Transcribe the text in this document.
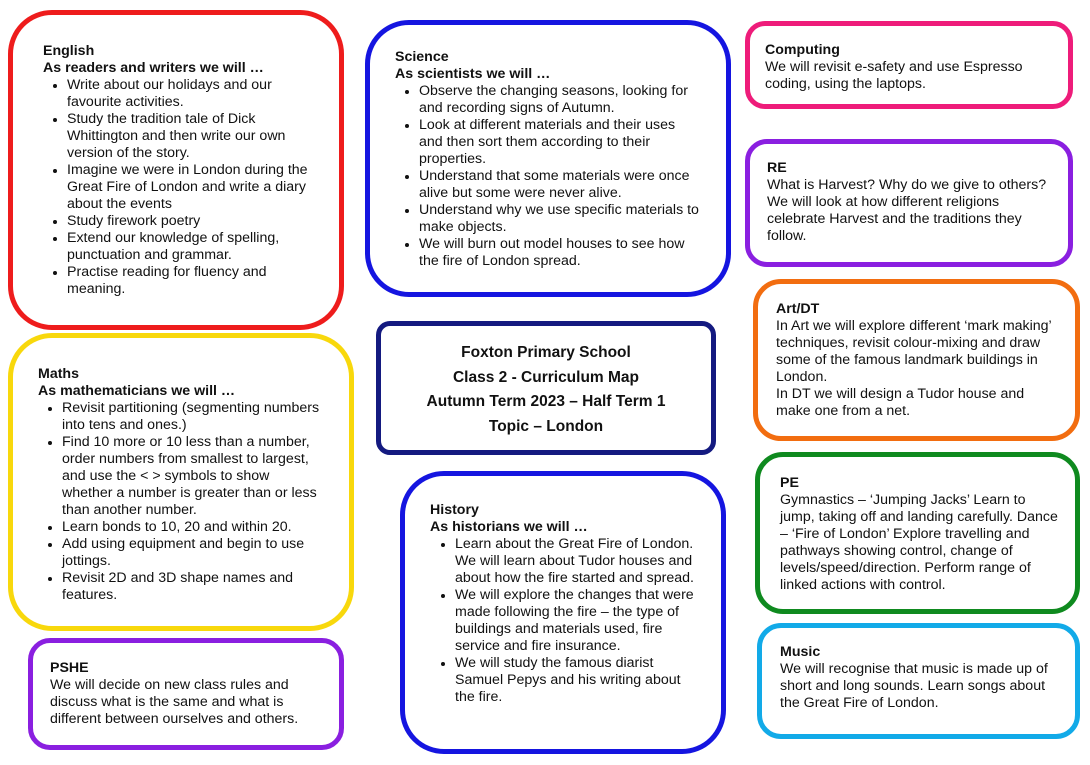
English
As readers and writers we will …
• Write about our holidays and our favourite activities.
• Study the tradition tale of Dick Whittington and then write our own version of the story.
• Imagine we were in London during the Great Fire of London and write a diary about the events
• Study firework poetry
• Extend our knowledge of spelling, punctuation and grammar.
• Practise reading for fluency and meaning.
Science
As scientists we will …
• Observe the changing seasons, looking for and recording signs of Autumn.
• Look at different materials and their uses and then sort them according to their properties.
• Understand that some materials were once alive but some were never alive.
• Understand why we use specific materials to make objects.
• We will burn out model houses to see how the fire of London spread.
Computing

We will revisit e-safety and use Espresso coding, using the laptops.

RE

What is Harvest? Why do we give to others? We will look at how different religions celebrate Harvest and the traditions they follow.

Art/DT

In Art we will explore different ‘mark making’ techniques, revisit colour-mixing and draw some of the famous landmark buildings in London.

In DT we will design a Tudor house and make one from a net.

Foxton Primary School
Class 2 - Curriculum Map
Autumn Term 2023 – Half Term 1
Topic – London
Maths
As mathematicians we will …
• Revisit partitioning (segmenting numbers into tens and ones.)
• Find 10 more or 10 less than a number, order numbers from smallest to largest, and use the < > symbols to show whether a number is greater than or less than another number.
• Learn bonds to 10, 20 and within 20.
• Add using equipment and begin to use jottings.
• Revisit 2D and 3D shape names and features.
PE

Gymnastics – ‘Jumping Jacks’ Learn to jump, taking off and landing carefully. Dance – ‘Fire of London’ Explore travelling and pathways showing control, change of levels/speed/direction. Perform range of linked actions with control.

History
As historians we will …
• Learn about the Great Fire of London. We will learn about Tudor houses and about how the fire started and spread.
• We will explore the changes that were made following the fire – the type of buildings and materials used, fire service and fire insurance.
• We will study the famous diarist Samuel Pepys and his writing about the fire.
PSHE

We will decide on new class rules and discuss what is the same and what is different between ourselves and others.

Music

We will recognise that music is made up of short and long sounds. Learn songs about the Great Fire of London.
